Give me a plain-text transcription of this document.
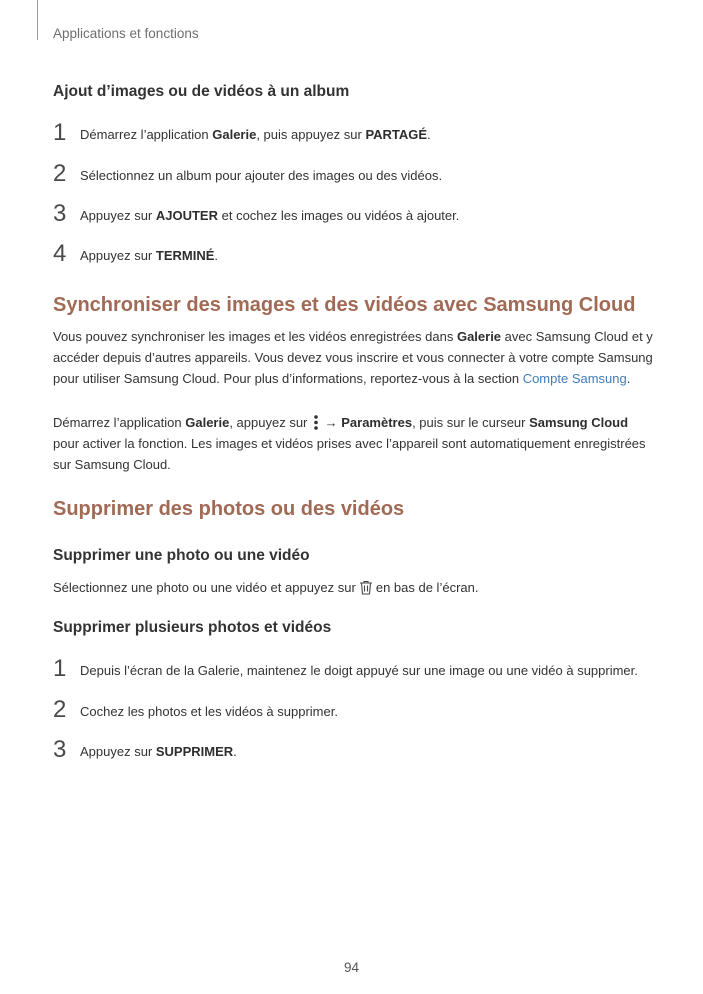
Applications et fonctions
Ajout d’images ou de vidéos à un album
1	Démarrez l’application Galerie, puis appuyez sur PARTAGÉ.
2	Sélectionnez un album pour ajouter des images ou des vidéos.
3	Appuyez sur AJOUTER et cochez les images ou vidéos à ajouter.
4	Appuyez sur TERMINÉ.
Synchroniser des images et des vidéos avec Samsung Cloud
Vous pouvez synchroniser les images et les vidéos enregistrées dans Galerie avec Samsung Cloud et y accéder depuis d’autres appareils. Vous devez vous inscrire et vous connecter à votre compte Samsung pour utiliser Samsung Cloud. Pour plus d’informations, reportez-vous à la section Compte Samsung.
Démarrez l’application Galerie, appuyez sur  → Paramètres, puis sur le curseur Samsung Cloud pour activer la fonction. Les images et vidéos prises avec l’appareil sont automatiquement enregistrées sur Samsung Cloud.
Supprimer des photos ou des vidéos
Supprimer une photo ou une vidéo
Sélectionnez une photo ou une vidéo et appuyez sur en bas de l’écran.
Supprimer plusieurs photos et vidéos
1	Depuis l’écran de la Galerie, maintenez le doigt appuyé sur une image ou une vidéo à supprimer.
2	Cochez les photos et les vidéos à supprimer.
3	Appuyez sur SUPPRIMER.
94
